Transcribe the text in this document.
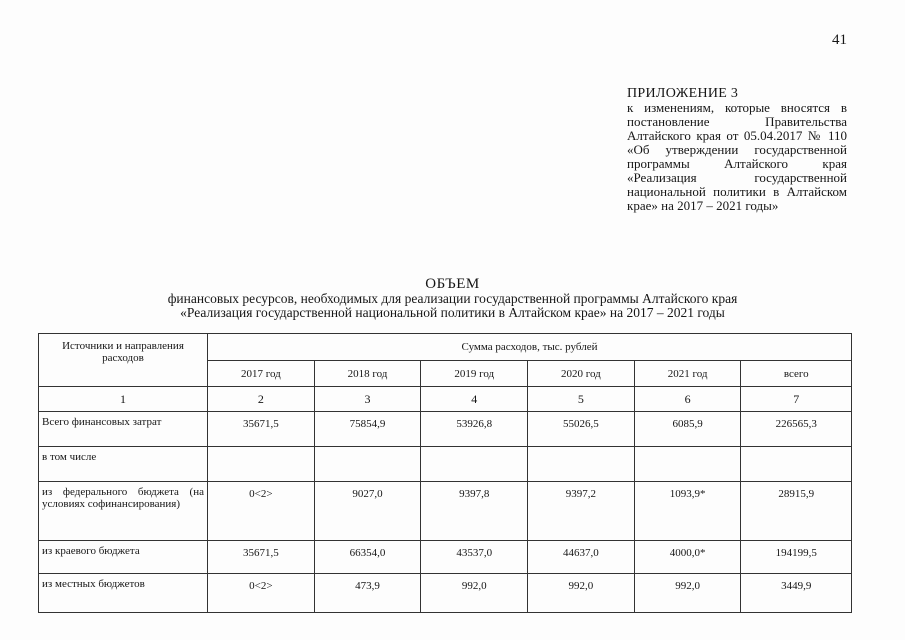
41
ПРИЛОЖЕНИЕ 3
к изменениям, которые вносятся в постановление Правительства Алтайского края от 05.04.2017 № 110 «Об утверждении государственной программы Алтайского края «Реализация государственной национальной политики в Алтайском крае» на 2017 – 2021 годы»
ОБЪЕМ
финансовых ресурсов, необходимых для реализации государственной программы Алтайского края
«Реализация государственной национальной политики в Алтайском крае» на 2017 – 2021 годы
Источники и направления расходов	Сумма расходов, тыс. рублей					
	2017 год	2018 год	2019 год	2020 год	2021 год	всего
1	2	3	4	5	6	7
Всего финансовых затрат	35671,5	75854,9	53926,8	55026,5	6085,9	226565,3
в том числе						
из федерального бюджета (на условиях софинансирования)	0<2>	9027,0	9397,8	9397,2	1093,9*	28915,9
из краевого бюджета	35671,5	66354,0	43537,0	44637,0	4000,0*	194199,5
из местных бюджетов	0<2>	473,9	992,0	992,0	992,0	3449,9
